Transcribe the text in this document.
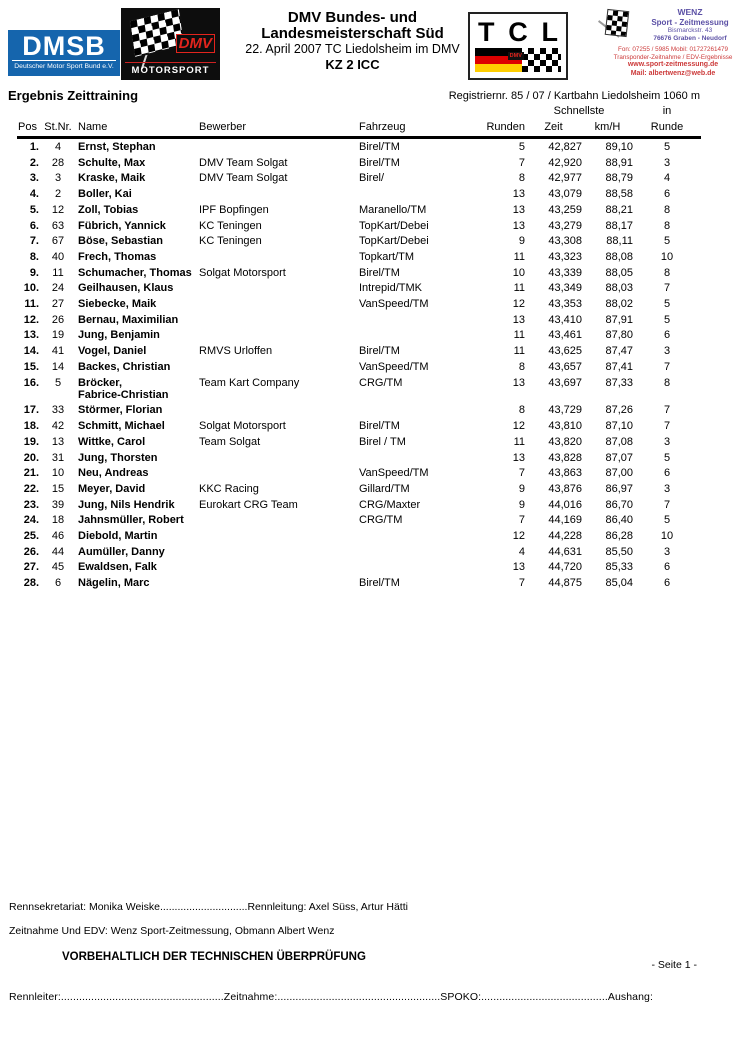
DMSB
Deutscher Motor Sport Bund e.V.
DMV
MOTORSPORT
DMV Bundes- und
Landesmeisterschaft Süd
22. April 2007 TC Liedolsheim im DMV
KZ 2 ICC
T C L
DMV
WENZ
Sport - Zeitmessung
Bismarckstr. 43
76676 Graben - Neudorf
Fon: 07255 / 5985 Mobil: 01727261479
Transponder-Zeitnahme / EDV-Ergebnisse
www.sport-zeitmessung.de
Mail: albertwenz@web.de
Ergebnis Zeittraining	Registriernr. 85 / 07 / Kartbahn Liedolsheim 1060 m
						Schnellste		in
Pos	St.Nr.	Name	Bewerber	Fahrzeug	Runden	Zeit	km/H	Runde
1.	4	Ernst, Stephan		Birel/TM	5	42,827	89,10	5
2.	28	Schulte, Max	DMV Team Solgat	Birel/TM	7	42,920	88,91	3
3.	3	Kraske, Maik	DMV Team Solgat	Birel/	8	42,977	88,79	4
4.	2	Boller, Kai			13	43,079	88,58	6
5.	12	Zoll, Tobias	IPF Bopfingen	Maranello/TM	13	43,259	88,21	8
6.	63	Fübrich, Yannick	KC Teningen	TopKart/Debei	13	43,279	88,17	8
7.	67	Böse, Sebastian	KC Teningen	TopKart/Debei	9	43,308	88,11	5
8.	40	Frech, Thomas		Topkart/TM	11	43,323	88,08	10
9.	11	Schumacher, Thomas	Solgat Motorsport	Birel/TM	10	43,339	88,05	8
10.	24	Geilhausen, Klaus		Intrepid/TMK	11	43,349	88,03	7
11.	27	Siebecke, Maik		VanSpeed/TM	12	43,353	88,02	5
12.	26	Bernau, Maximilian			13	43,410	87,91	5
13.	19	Jung, Benjamin			11	43,461	87,80	6
14.	41	Vogel, Daniel	RMVS Urloffen	Birel/TM	11	43,625	87,47	3
15.	14	Backes, Christian		VanSpeed/TM	8	43,657	87,41	7
16.	5	Bröcker,
Fabrice-Christian	Team Kart Company	CRG/TM	13	43,697	87,33	8
17.	33	Störmer, Florian			8	43,729	87,26	7
18.	42	Schmitt, Michael	Solgat Motorsport	Birel/TM	12	43,810	87,10	7
19.	13	Wittke, Carol	Team Solgat	Birel / TM	11	43,820	87,08	3
20.	31	Jung, Thorsten			13	43,828	87,07	5
21.	10	Neu, Andreas		VanSpeed/TM	7	43,863	87,00	6
22.	15	Meyer, David	KKC Racing	Gillard/TM	9	43,876	86,97	3
23.	39	Jung, Nils Hendrik	Eurokart CRG Team	CRG/Maxter	9	44,016	86,70	7
24.	18	Jahnsmüller, Robert		CRG/TM	7	44,169	86,40	5
25.	46	Diebold, Martin			12	44,228	86,28	10
26.	44	Aumüller, Danny			4	44,631	85,50	3
27.	45	Ewaldsen, Falk			13	44,720	85,33	6
28.	6	Nägelin, Marc		Birel/TM	7	44,875	85,04	6
Rennsekretariat: Monika Weiske..............................Rennleitung: Axel Süss, Artur Hätti
Zeitnahme Und EDV: Wenz Sport-Zeitmessung, Obmann Albert Wenz
VORBEHALTLICH DER TECHNISCHEN ÜBERPRÜFUNG
- Seite 1 -
Rennleiter:......................................................Zeitnahme:......................................................SPOKO:..........................................Aushang:
